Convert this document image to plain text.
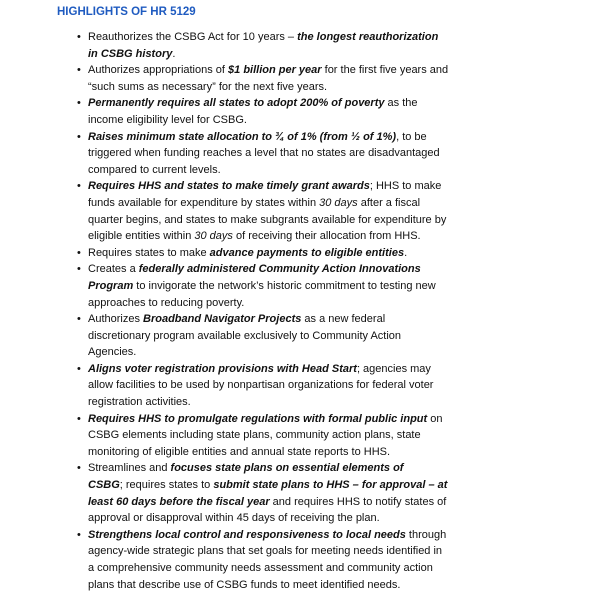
HIGHLIGHTS OF HR 5129
• Reauthorizes the CSBG Act for 10 years – the longest reauthorization
in CSBG history.
• Authorizes appropriations of $1 billion per year for the first five years and
“such sums as necessary” for the next five years.
• Permanently requires all states to adopt 200% of poverty as the
income eligibility level for CSBG.
• Raises minimum state allocation to ¾ of 1% (from ½ of 1%), to be
triggered when funding reaches a level that no states are disadvantaged
compared to current levels.
• Requires HHS and states to make timely grant awards; HHS to make
funds available for expenditure by states within 30 days after a fiscal
quarter begins, and states to make subgrants available for expenditure by
eligible entities within 30 days of receiving their allocation from HHS.
• Requires states to make advance payments to eligible entities.
• Creates a federally administered Community Action Innovations
Program to invigorate the network’s historic commitment to testing new
approaches to reducing poverty.
• Authorizes Broadband Navigator Projects as a new federal
discretionary program available exclusively to Community Action
Agencies.
• Aligns voter registration provisions with Head Start; agencies may
allow facilities to be used by nonpartisan organizations for federal voter
registration activities.
• Requires HHS to promulgate regulations with formal public input on
CSBG elements including state plans, community action plans, state
monitoring of eligible entities and annual state reports to HHS.
• Streamlines and focuses state plans on essential elements of
CSBG; requires states to submit state plans to HHS – for approval – at
least 60 days before the fiscal year and requires HHS to notify states of
approval or disapproval within 45 days of receiving the plan.
• Strengthens local control and responsiveness to local needs through
agency-wide strategic plans that set goals for meeting needs identified in
a comprehensive community needs assessment and community action
plans that describe use of CSBG funds to meet identified needs.
